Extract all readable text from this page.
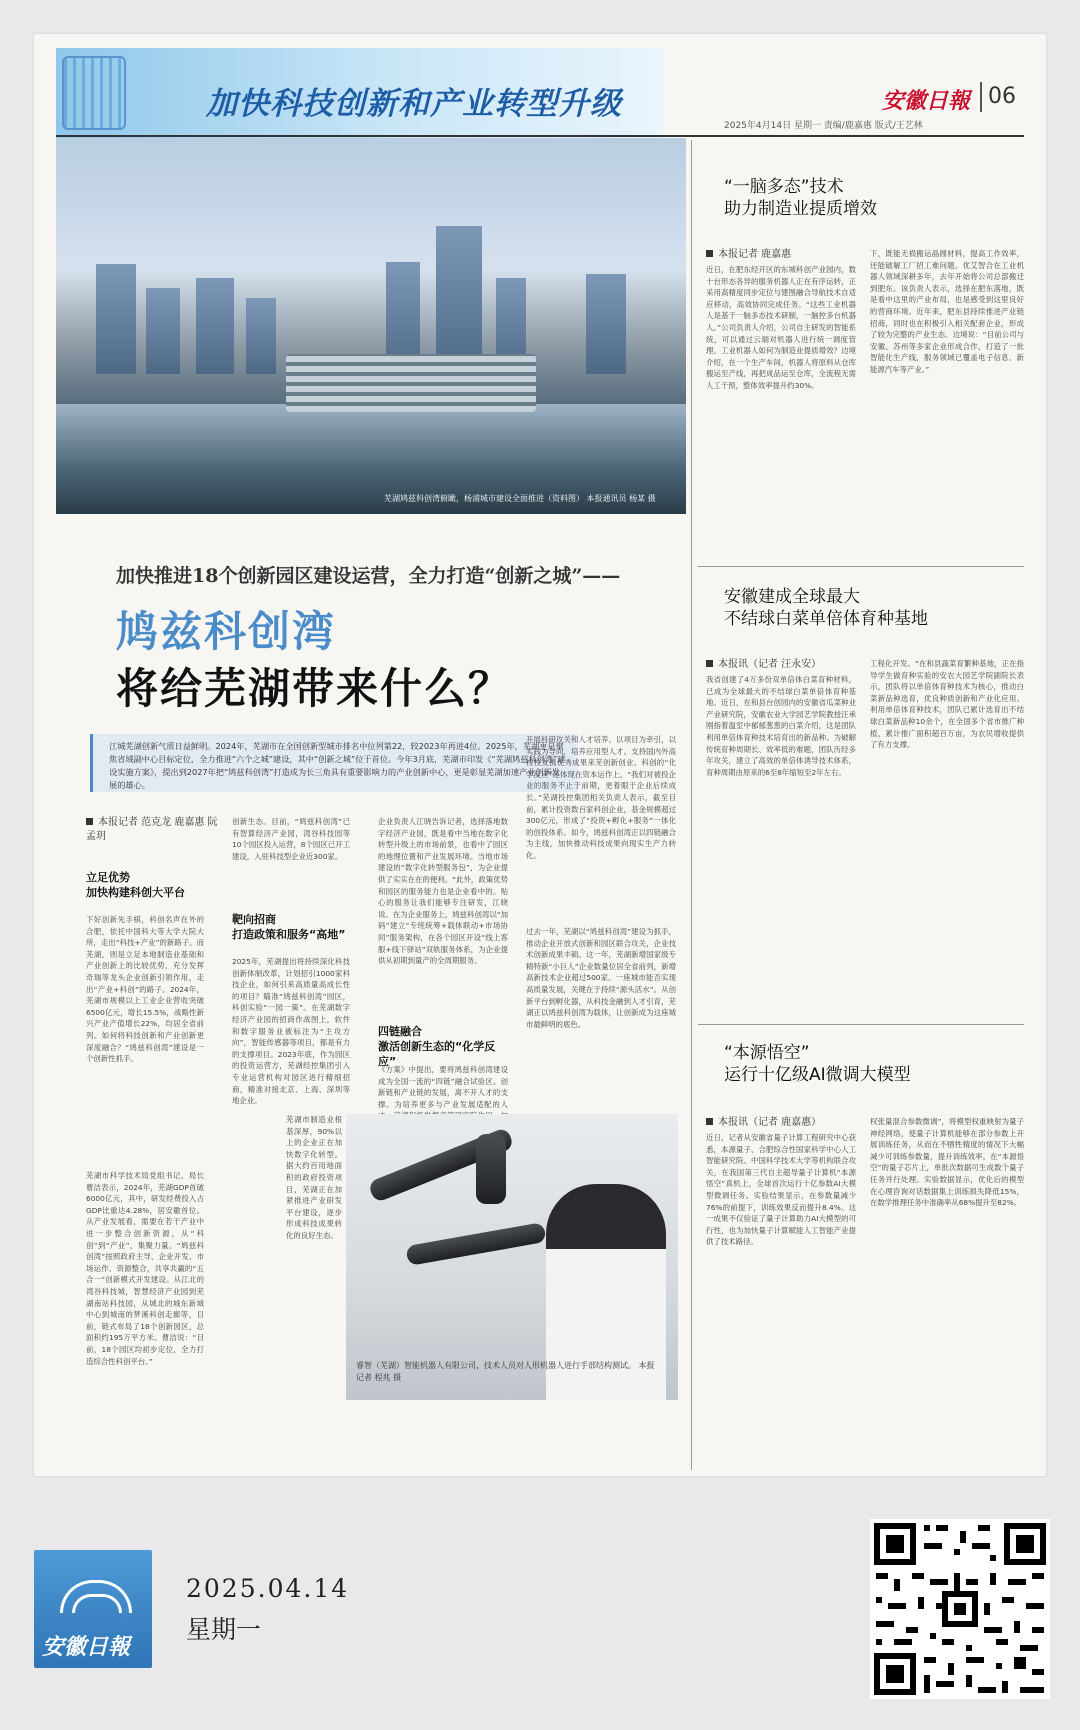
加快科技创新和产业转型升级	安徽日報 06
2025年4月14日 星期一 责编/鹿嘉惠 版式/王艺林
芜湖鸠兹科创湾俯瞰，杨浦城市建设全面推进（资料图） 本报通讯员 杨某 摄
加快推进18个创新园区建设运营，全力打造“创新之城”——
鸠兹科创湾
将给芜湖带来什么？
江城芜湖创新气质日益鲜明。2024年，芜湖市在全国创新型城市排名中位列第22，较2023年再进4位。2025年，芜湖更是聚焦省域副中心目标定位，全力推进“六个之城”建设，其中“创新之城”位于首位。今年3月底，芜湖市印发《“芜湖鸠兹科创湾”建设实施方案》，提出到2027年把“鸠兹科创湾”打造成为长三角具有重要影响力的产业创新中心，更是彰显芜湖加速产业创新发展的雄心。
本报记者 范克龙 鹿嘉惠 阮孟玥
立足优势
加快构建科创大平台
下好创新先手棋，科创名声在外的合肥，依托中国科大等大学大院大所，走出“科技+产业”的新路子。而芜湖，则是立足本地制造业基础和产业创新上的比较优势，充分发挥奇瑞等龙头企业创新引领作用，走出“产业+科创”的路子。2024年，芜湖市规模以上工业企业营收突破6500亿元，增长15.5%，战略性新兴产业产值增长22%，均居全省前列。如何将科技创新和产业创新更深度融合？“鸠兹科创湾”建设是一个创新性抓手。
芜湖市科学技术局党组书记、局长曹洁表示，2024年，芜湖GDP首破6000亿元，其中，研发经费投入占GDP比重达4.28%，居安徽首位。从产业发展看，需要在若干产业中进一步整合创新资源，从“科创”到“产业”，集聚力量。“鸠兹科创湾”按照政府主导、企业开发、市场运作、资源整合，共享共赢的“五合一”创新模式开发建设。从江北的湾谷科技城，智慧经济产业园到芜湖南站科技园，从城北的城东新城中心到城南的梦溪科创走廊等，目前，链式布局了18个创新园区，总面积约195万平方米。曹洁说：“目前，18个园区均初步定位，全力打造综合性科创平台。”
创新生态。目前，“鸠兹科创湾”已有智算经济产业园，湾谷科技园等10个园区投入运营，8个园区已开工建设，入驻科技型企业近300家。
靶向招商
打造政策和服务“高地”
2025年，芜湖提出将持续深化科技创新体制改革，计划招引1000家科技企业，如何引来高质量高成长性的项目？瞄准“鸠兹科创湾”园区，科创实验“一园一策”。在芜湖数字经济产业园的招商作战图上，软件和数字服务业被标注为“主攻方向”，智能传感器等项目，都是有力的支撑项目。2023年底，作为园区的投资运营方，芜湖经控集团引入专业运营机构对园区进行精细招商，精准对接北京、上海、深圳等地企业。
芜湖市制造业根基深厚，90%以上的企业正在加快数字化转型。据大约百用地面积的政府投资项目，芜湖正在加紧推进产业研发平台建设，逐步形成科技成果转化的良好生态。
企业负责人江晓告诉记者，选择落地数字经济产业园，既是看中当地在数字化转型升级上的市场前景，也看中了园区的地理位置和产业发展环境。当地市场建设的“数字化转型服务包”，为企业提供了实实在在的便利。“此外，政策优势和园区的服务能力也是企业看中的。贴心的服务让我们能够专注研发，江晓说。在为企业服务上，鸠兹科创湾以“加码”建立“专班统筹+载体联动+市场协同”服务架构，在各个园区开设“线上客服+线下驿站”双轨服务体系，为企业提供从初期到量产的全周期服务。
四链融合
激活创新生态的“化学反应”
《方案》中提出，要将鸠兹科创湾建设成为全国一流的“四链”融合试验区。创新链和产业链的发展，离不开人才的支撑。为培养更多与产业发展适配的人
开展科研攻关和人才培养。以项目为牵引，以实践为导向，培养应用型人才。支持国内外高校校友携优秀成果来芜创新创业。科创的“化学反应”还体现在资本运作上。“我们对被投企业的服务不止于前期，更着眼于企业后续成长。”芜湖投控集团相关负责人表示，截至目前，累计投资数百家科创企业，基金规模超过300亿元，形成了“投资+孵化+服务”一体化的创投体系。如今，鸠兹科创湾正以四链融合为主线，加快推动科技成果向现实生产力转化。
过去一年，芜湖以“鸠兹科创湾”建设为抓手，推动企业开放式创新和园区联合攻关，企业技术创新成果丰硕。这一年，芜湖新增国家级专精特新“小巨人”企业数量位居全省前列，新增高新技术企业超过500家。一座城市能否实现高质量发展，关键在于持续“源头活水”。从创新平台到孵化器，从科技金融到人才引育，芜湖正以鸠兹科创湾为载体，让创新成为这座城市最鲜明的底色。
睿智（芜湖）智能机器人有限公司，技术人员对人形机器人进行手部结构测试。 本报记者 程兆 摄
“一脑多态”技术
助力制造业提质增效
本报记者 鹿嘉惠
近日，在肥东经开区的东城科创产业园内，数十台形态各异的服务机器人正在有序运转，正采用高精度同步定位与建图融合导航技术自适应移动，高效协同完成任务。“这些工业机器人是基于一脑多态技术研制，一脑控多台机器人。”公司负责人介绍，公司自主研发的智能系统，可以通过云端对机器人进行统一调度管理。工业机器人如何为制造业提质增效？边境介绍，在一个生产车间，机器人将原料从仓库搬运至产线，再把成品运至仓库，全流程无需人工干预，整体效率提升约30%。
下，既能无损搬运晶圆材料，提高工作效率，还能破解工厂招工难问题。优艾智合在工业机器人领域深耕多年，去年开始将公司总部搬迁到肥东。该负责人表示，选择在肥东落地，既是看中这里的产业布局，也是感受到这里良好的营商环境。近年来，肥东县持续推进产业链招商，同时也在积极引入相关配套企业，形成了较为完整的产业生态。边境说：“目前公司与安徽、苏州等多家企业形成合作，打造了一批智能化生产线，服务领域已覆盖电子信息、新能源汽车等产业。”
安徽建成全球最大
不结球白菜单倍体育种基地
本报讯（记者 汪永安）
我省创建了4万多份双单倍体白菜育种材料，已成为全球最大的不结球白菜单倍体育种基地。近日，在和县台创园内的安徽省瓜菜种业产业研究院，安徽农业大学园艺学院教授汪承刚指着温室中郁郁葱葱的白菜介绍，这是团队利用单倍体育种技术培育出的新品种。为破解传统育种周期长、效率低的难题，团队历经多年攻关，建立了高效的单倍体诱导技术体系，育种周期由原来的6至8年缩短至2年左右。
工程化开发。“在和县蔬菜育繁种基地，正在指导学生做育种实验的安农大园艺学院副院长表示，团队将以单倍体育种技术为核心，推动白菜新品种选育，优良种质创新和产业化应用。利用单倍体育种技术，团队已累计选育出不结球白菜新品种10余个，在全国多个省市推广种植，累计推广面积超百万亩，为农民增收提供了有力支撑。
“本源悟空”
运行十亿级AI微调大模型
本报讯（记者 鹿嘉惠）
近日，记者从安徽省量子计算工程研究中心获悉，本源量子、合肥综合性国家科学中心人工智能研究院、中国科学技术大学等机构联合攻关，在我国第三代自主超导量子计算机“本源悟空”真机上，全球首次运行十亿参数AI大模型微调任务。实验结果显示，在参数量减少76%的前提下，训练效果反而提升8.4%。这一成果不仅验证了量子计算助力AI大模型的可行性，也为加快量子计算赋能人工智能产业提供了技术路径。
权张量混合参数微调”，将模型权重映射为量子神经网络，使量子计算机能够在部分参数上开展训练任务，从而在不牺牲精度的情况下大幅减少可训练参数量，提升训练效率。在“本源悟空”的量子芯片上，单批次数据可生成数个量子任务并行处理。实验数据显示，优化后的模型在心理咨询对话数据集上训练损失降低15%，在数学推理任务中准确率从68%提升至82%。
安徽日報
2025.04.14
星期一
